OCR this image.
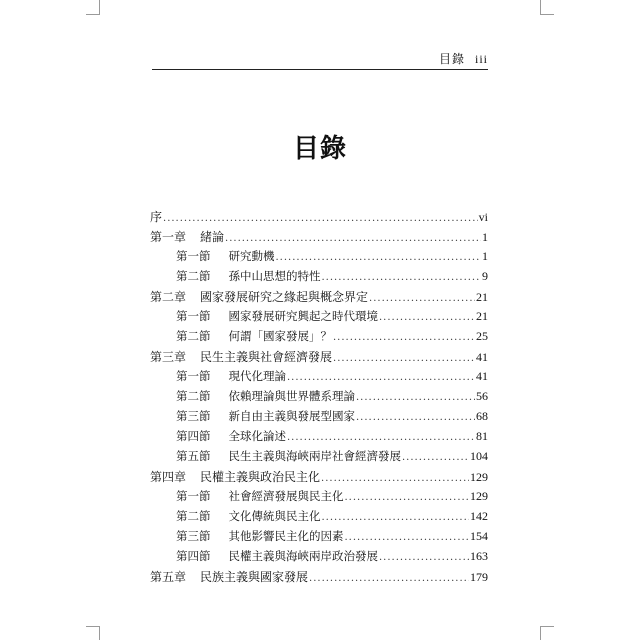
目錄 iii
目錄
序 .....	vi
第一章 緒論 .....	1
第一節 研究動機 .....	1
第二節 孫中山思想的特性 .....	9
第二章 國家發展研究之緣起與概念界定 .....	21
第一節 國家發展研究興起之時代環境 .....	21
第二節 何謂「國家發展」？ .....	25
第三章 民生主義與社會經濟發展 .....	41
第一節 現代化理論 .....	41
第二節 依賴理論與世界體系理論 .....	56
第三節 新自由主義與發展型國家 .....	68
第四節 全球化論述 .....	81
第五節 民生主義與海峽兩岸社會經濟發展 .....	104
第四章 民權主義與政治民主化 .....	129
第一節 社會經濟發展與民主化 .....	129
第二節 文化傳統與民主化 .....	142
第三節 其他影響民主化的因素 .....	154
第四節 民權主義與海峽兩岸政治發展 .....	163
第五章 民族主義與國家發展 .....	179
